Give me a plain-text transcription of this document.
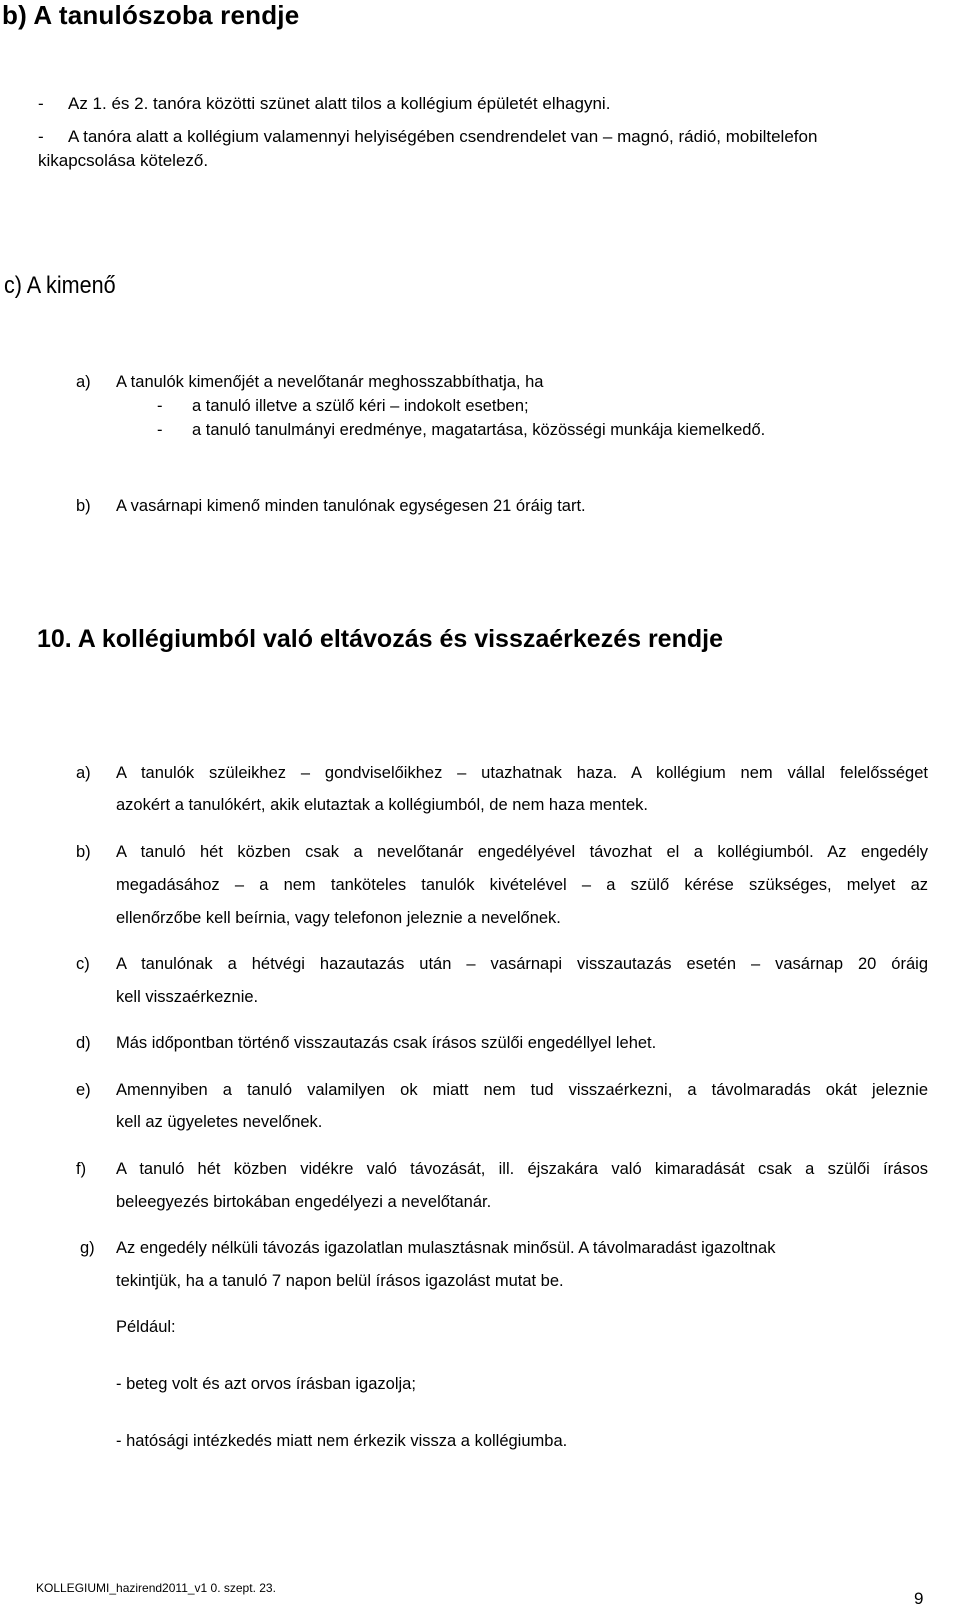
b) A tanulószoba rendje
- Az 1. és 2. tanóra közötti szünet alatt tilos a kollégium épületét elhagyni.
- A tanóra alatt a kollégium valamennyi helyiségében csendrendelet van – magnó, rádió, mobiltelefon
kikapcsolása kötelező.
c) A kimenő
a) A tanulók kimenőjét a nevelőtanár meghosszabbíthatja, ha
- a tanuló illetve a szülő kéri – indokolt esetben;
- a tanuló tanulmányi eredménye, magatartása, közösségi munkája kiemelkedő.
b) A vasárnapi kimenő minden tanulónak egységesen 21 óráig tart.
10. A kollégiumból való eltávozás és visszaérkezés rendje
a) A tanulók szüleikhez – gondviselőikhez – utazhatnak haza. A kollégium nem vállal felelősséget
azokért a tanulókért, akik elutaztak a kollégiumból, de nem haza mentek.
b) A tanuló hét közben csak a nevelőtanár engedélyével távozhat el a kollégiumból. Az engedély
megadásához – a nem tanköteles tanulók kivételével – a szülő kérése szükséges, melyet az
ellenőrzőbe kell beírnia, vagy telefonon jeleznie a nevelőnek.
c) A tanulónak a hétvégi hazautazás után – vasárnapi visszautazás esetén – vasárnap 20 óráig
kell visszaérkeznie.
d) Más időpontban történő visszautazás csak írásos szülői engedéllyel lehet.
e) Amennyiben a tanuló valamilyen ok miatt nem tud visszaérkezni, a távolmaradás okát jeleznie
kell az ügyeletes nevelőnek.
f) A tanuló hét közben vidékre való távozását, ill. éjszakára való kimaradását csak a szülői írásos
beleegyezés birtokában engedélyezi a nevelőtanár.
g) Az engedély nélküli távozás igazolatlan mulasztásnak minősül. A távolmaradást igazoltnak
tekintjük, ha a tanuló 7 napon belül írásos igazolást mutat be.
Például:
- beteg volt és azt orvos írásban igazolja;
- hatósági intézkedés miatt nem érkezik vissza a kollégiumba.
KOLLEGIUMI_hazirend2011_v1 0. szept. 23.
9
